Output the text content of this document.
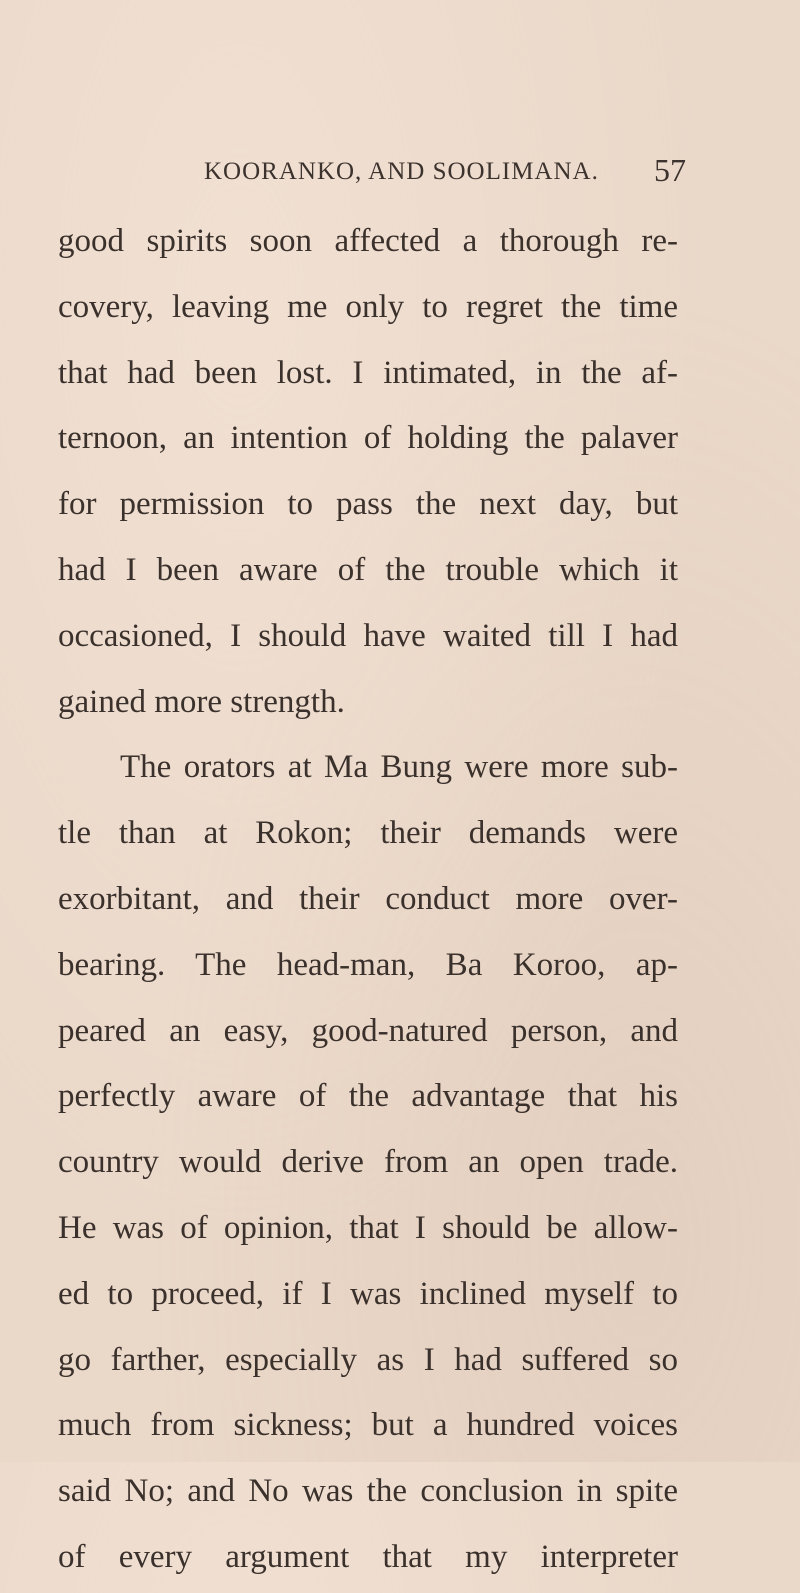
KOORANKO, AND SOOLIMANA. 57
good spirits soon affected a thorough re-
covery, leaving me only to regret the time
that had been lost. I intimated, in the af-
ternoon, an intention of holding the palaver
for permission to pass the next day, but
had I been aware of the trouble which it
occasioned, I should have waited till I had
gained more strength.
The orators at Ma Bung were more sub-
tle than at Rokon; their demands were
exorbitant, and their conduct more over-
bearing. The head-man, Ba Koroo, ap-
peared an easy, good-natured person, and
perfectly aware of the advantage that his
country would derive from an open trade.
He was of opinion, that I should be allow-
ed to proceed, if I was inclined myself to
go farther, especially as I had suffered so
much from sickness; but a hundred voices
said No; and No was the conclusion in spite
of every argument that my interpreter
